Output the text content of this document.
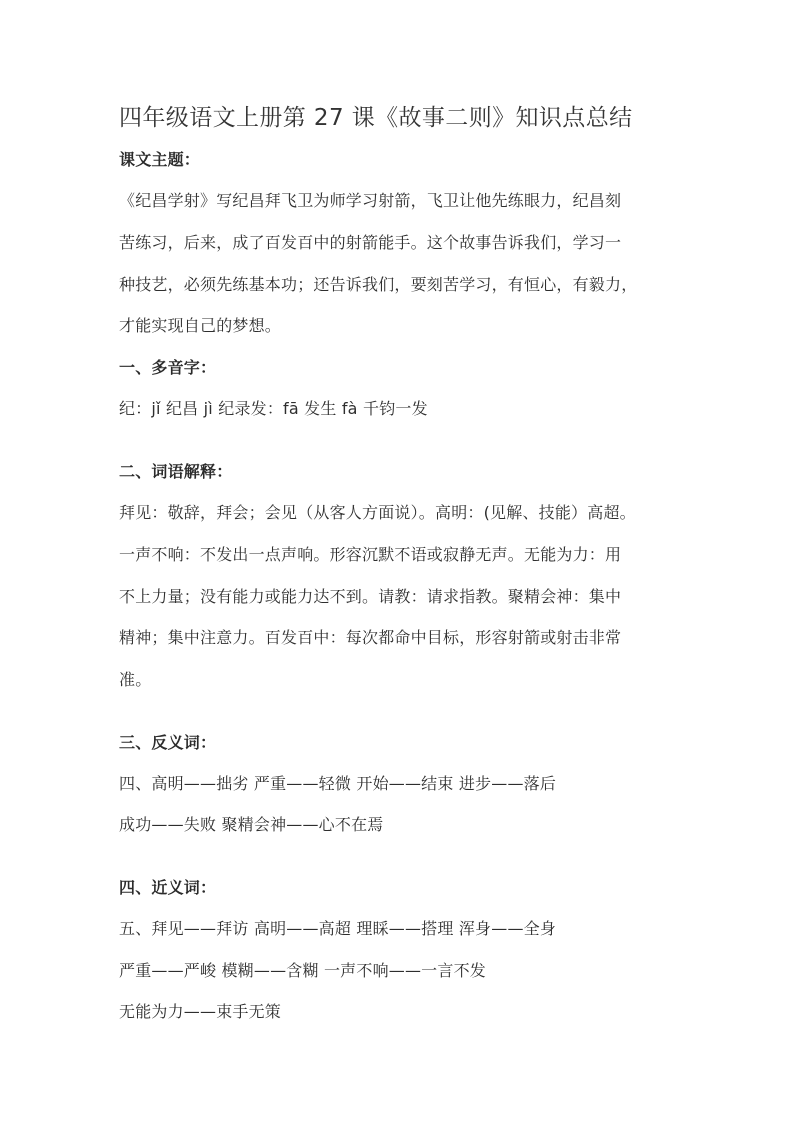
四年级语文上册第 27 课《故事二则》知识点总结
课文主题：
《纪昌学射》写纪昌拜飞卫为师学习射箭，飞卫让他先练眼力，纪昌刻
苦练习，后来，成了百发百中的射箭能手。这个故事告诉我们，学习一
种技艺，必须先练基本功；还告诉我们，要刻苦学习，有恒心，有毅力，
才能实现自己的梦想。
一、多音字：
纪：jǐ 纪昌 jì 纪录发：fā 发生 fà 千钧一发
二、词语解释：
拜见：敬辞，拜会；会见（从客人方面说）。高明：(见解、技能）高超。
一声不响：不发出一点声响。形容沉默不语或寂静无声。无能为力：用
不上力量；没有能力或能力达不到。请教：请求指教。聚精会神：集中
精神；集中注意力。百发百中：每次都命中目标，形容射箭或射击非常
准。
三、反义词：
四、高明——拙劣 严重——轻微 开始——结束 进步——落后
成功——失败 聚精会神——心不在焉
四、近义词：
五、拜见——拜访 高明——高超 理睬——搭理 浑身——全身
严重——严峻 模糊——含糊 一声不响——一言不发
无能为力——束手无策
